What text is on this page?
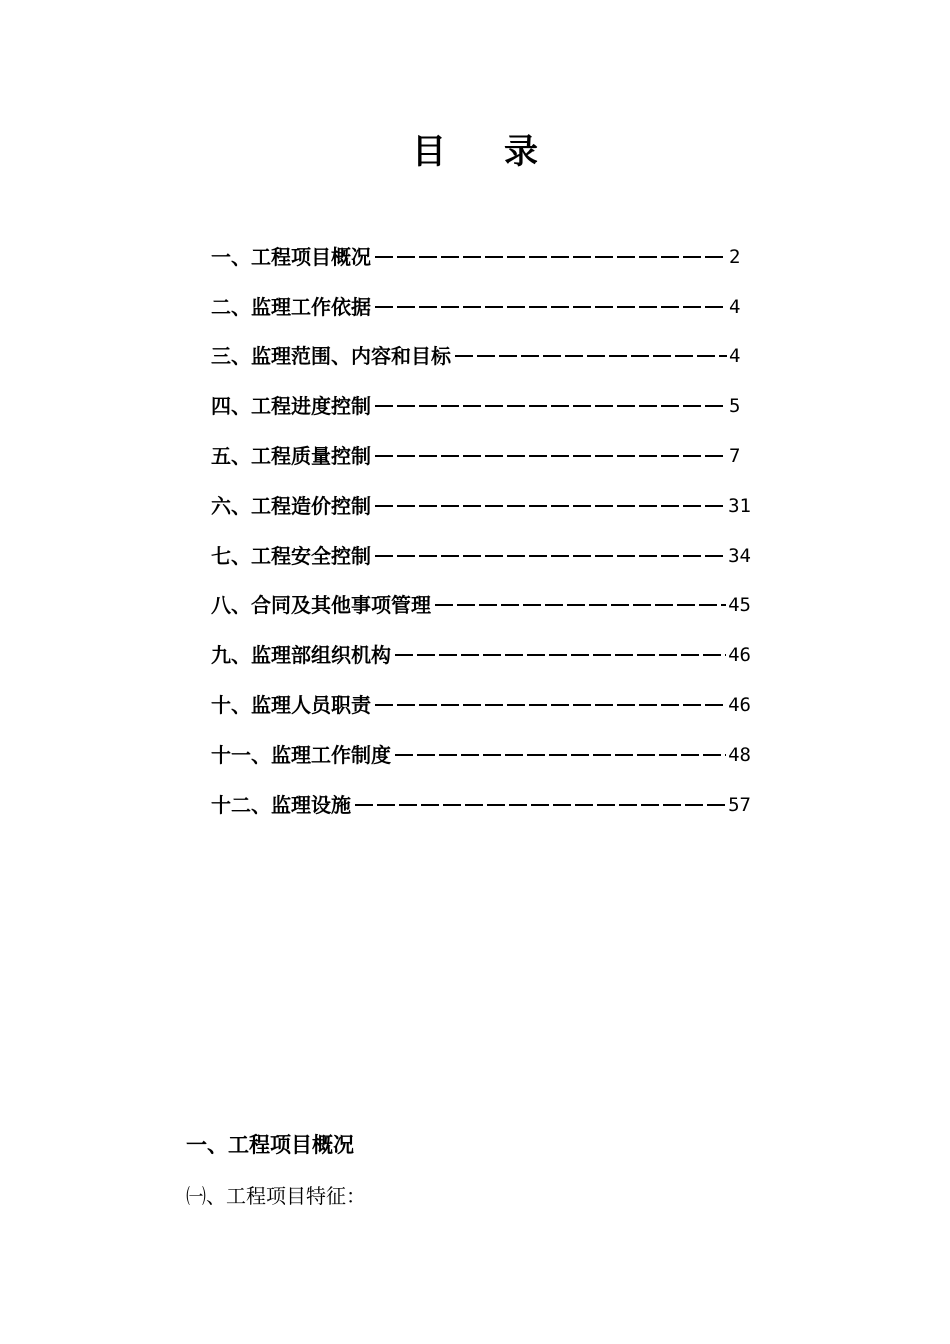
目录
一、工程项目概况	2
二、监理工作依据	4
三、监理范围、内容和目标	4
四、工程进度控制	5
五、工程质量控制	7
六、工程造价控制	31
七、工程安全控制	34
八、合同及其他事项管理	45
九、监理部组织机构	46
十、监理人员职责	46
十一、监理工作制度	48
十二、监理设施	57
一、工程项目概况
㈠、工程项目特征：
